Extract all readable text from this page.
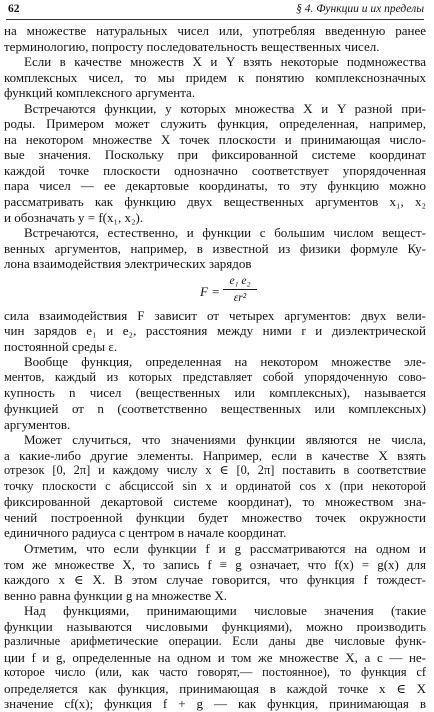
62	§ 4. Функции и их пределы
на множестве натуральных чисел или, употребляя введенную ранее
терминологию, попросту последовательность вещественных чисел.
Если в качестве множеств X и Y взять некоторые подмножества
комплексных чисел, то мы придем к понятию комплекснозначных
функций комплексного аргумента.
Встречаются функции, у которых множества X и Y разной при-
роды. Примером может служить функция, определенная, например,
на некотором множестве X точек плоскости и принимающая число-
вые значения. Поскольку при фиксированной системе координат
каждой точке плоскости однозначно соответствует упорядоченная
пара чисел — ее декартовые координаты, то эту функцию можно
рассматривать как функцию двух вещественных аргументов x₁, x₂
и обозначать y = f(x₁, x₂).
Встречаются, естественно, и функции с большим числом вещест-
венных аргументов, например, в известной из физики формуле Ку-
лона взаимодействия электрических зарядов
F =
e₁ e₂
εr²
сила взаимодействия F зависит от четырех аргументов: двух вели-
чин зарядов e₁ и e₂, расстояния между ними r и диэлектрической
постоянной среды ε.
Вообще функция, определенная на некотором множестве эле-
ментов, каждый из которых представляет собой упорядоченную сово-
купность n чисел (вещественных или комплексных), называется
функцией от n (соответственно вещественных или комплексных)
аргументов.
Может случиться, что значениями функции являются не числа,
а какие-либо другие элементы. Например, если в качестве X взять
отрезок [0, 2π] и каждому числу x ∈ [0, 2π] поставить в соответствие
точку плоскости с абсциссой sin x и ординатой cos x (при некоторой
фиксированной декартовой системе координат), то множеством зна-
чений построенной функции будет множество точек окружности
единичного радиуса с центром в начале координат.
Отметим, что если функции f и g рассматриваются на одном и
том же множестве X, то запись f ≡ g означает, что f(x) = g(x) для
каждого x ∈ X. В этом случае говорится, что функция f тождест-
венно равна функции g на множестве X.
Над функциями, принимающими числовые значения (такие
функции называются числовыми функциями), можно производить
различные арифметические операции. Если даны две числовые функ-
ции f и g, определенные на одном и том же множестве X, а c — не-
которое число (или, как часто говорят,— постоянное), то функция cf
определяется как функция, принимающая в каждой точке x ∈ X
значение cf(x); функция f + g — как функция, принимающая в
